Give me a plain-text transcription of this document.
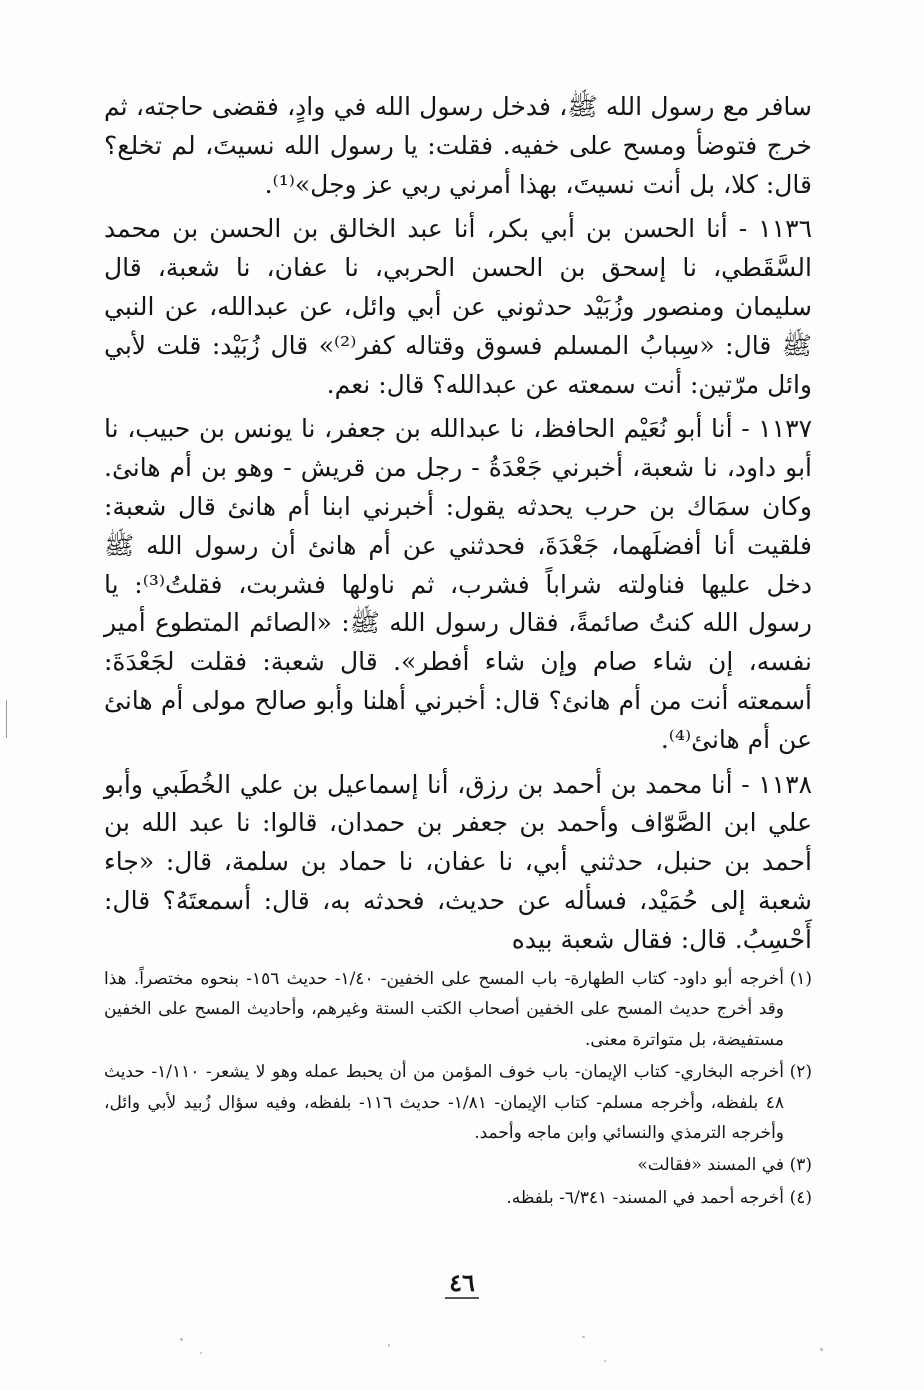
سافر مع رسول الله ﷺ، فدخل رسول الله في وادٍ، فقضى حاجته، ثم خرج فتوضأ ومسح على خفيه. فقلت: يا رسول الله نسيتَ، لم تخلع؟ قال: كلا، بل أنت نسيتَ، بهذا أمرني ربي عز وجل»⁽¹⁾.

١١٣٦ - أنا الحسن بن أبي بكر، أنا عبد الخالق بن الحسن بن محمد السَّقَطي، نا إسحق بن الحسن الحربي، نا عفان، نا شعبة، قال سليمان ومنصور وزُبَيْد حدثوني عن أبي وائل، عن عبدالله، عن النبي ﷺ قال: «سِبابُ المسلم فسوق وقتاله كفر⁽²⁾» قال زُبَيْد: قلت لأبي وائل مرّتين: أنت سمعته عن عبدالله؟ قال: نعم.

١١٣٧ - أنا أبو نُعَيْم الحافظ، نا عبدالله بن جعفر، نا يونس بن حبيب، نا أبو داود، نا شعبة، أخبرني جَعْدَةُ - رجل من قريش - وهو بن أم هانئ. وكان سمَاك بن حرب يحدثه يقول: أخبرني ابنا أم هانئ قال شعبة: فلقيت أنا أفضلَهما، جَعْدَةَ، فحدثني عن أم هانئ أن رسول الله ﷺ دخل عليها فناولته شراباً فشرب، ثم ناولها فشربت، فقلتُ⁽³⁾: يا رسول الله كنتُ صائمةً، فقال رسول الله ﷺ: «الصائم المتطوع أمير نفسه، إن شاء صام وإن شاء أفطر». قال شعبة: فقلت لجَعْدَةَ: أسمعته أنت من أم هانئ؟ قال: أخبرني أهلنا وأبو صالح مولى أم هانئ عن أم هانئ⁽⁴⁾.

١١٣٨ - أنا محمد بن أحمد بن رزق، أنا إسماعيل بن علي الخُطَبي وأبو علي ابن الصَّوّاف وأحمد بن جعفر بن حمدان، قالوا: نا عبد الله بن أحمد بن حنبل، حدثني أبي، نا عفان، نا حماد بن سلمة، قال: «جاء شعبة إلى حُمَيْد، فسأله عن حديث، فحدثه به، قال: أسمعتَهُ؟ قال: أَحْسِبُ. قال: فقال شعبة بيده

(١)
أخرجه أبو داود- كتاب الطهارة- باب المسح على الخفين- ١/٤٠- حديث ١٥٦- بنحوه مختصراً. هذا وقد أخرج حديث المسح على الخفين أصحاب الكتب الستة وغيرهم، وأحاديث المسح على الخفين مستفيضة، بل متواترة معنى.

(٢)
أخرجه البخاري- كتاب الإيمان- باب خوف المؤمن من أن يحبط عمله وهو لا يشعر- ١/١١٠- حديث ٤٨ بلفظه، وأخرجه مسلم- كتاب الإيمان- ١/٨١- حديث ١١٦- بلفظه، وفيه سؤال زُبيد لأبي وائل، وأخرجه الترمذي والنسائي وابن ماجه وأحمد.

(٣)
في المسند «فقالت»

(٤)
أخرجه أحمد في المسند- ٦/٣٤١- بلفظه.

٤٦
